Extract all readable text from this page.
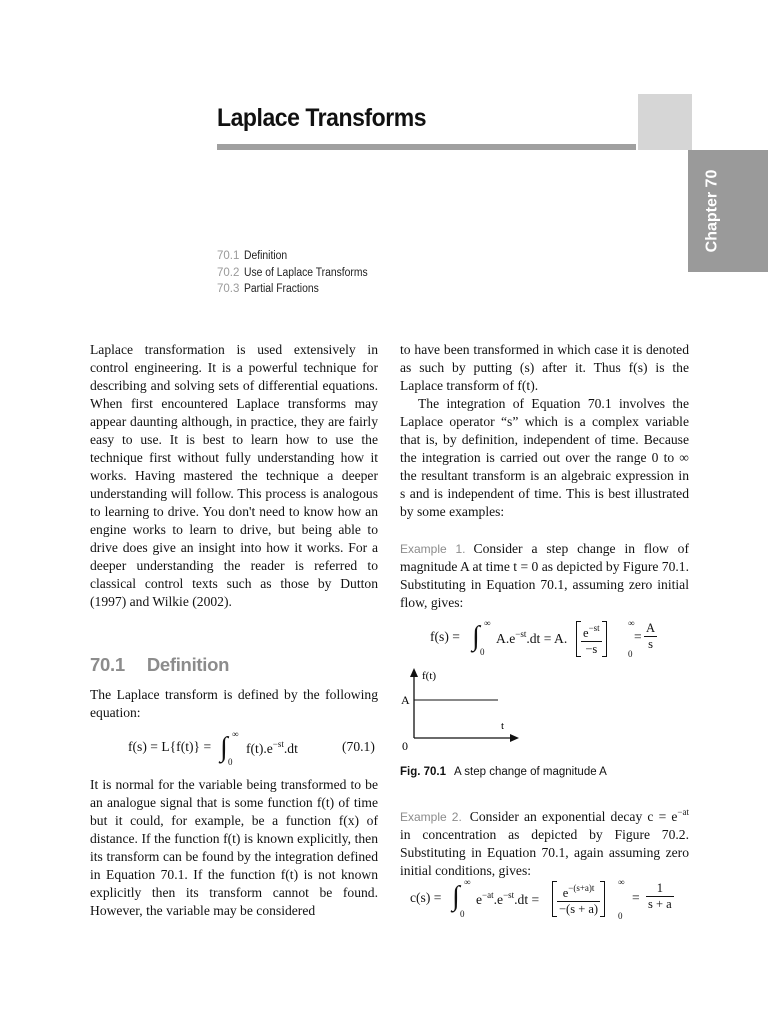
Laplace Transforms
Chapter 70
70.1 Definition
70.2 Use of Laplace Transforms
70.3 Partial Fractions

Laplace transformation is used extensively in control engineering. It is a powerful technique for describing and solving sets of differential equations. When first encountered Laplace transforms may appear daunting although, in practice, they are fairly easy to use. It is best to learn how to use the technique first without fully understanding how it works. Having mastered the technique a deeper understanding will follow. This process is analogous to learning to drive. You don't need to know how an engine works to learn to drive, but being able to drive does give an insight into how it works. For a deeper understanding the reader is referred to classical control texts such as those by Dutton (1997) and Wilkie (2002).

70.1 Definition

The Laplace transform is defined by the following equation:

f(s) = L{f(t)} = ∫ ∞
0
$f(t).e^{-st}.dt$	(70.1)

It is normal for the variable being transformed to be an analogue signal that is some function f(t) of time but it could, for example, be a function f(x) of distance. If the function f(t) is known explicitly, then its transform can be found by the integration defined in Equation 70.1. If the function f(t) is not known explicitly then its transform cannot be found. However, the variable may be considered

to have been transformed in which case it is denoted as such by putting (s) after it. Thus f(s) is the Laplace transform of f(t).

The integration of Equation 70.1 involves the Laplace operator “s” which is a complex variable that is, by definition, independent of time. Because the integration is carried out over the range 0 to ∞ the resultant transform is an algebraic expression in s and is independent of time. This is best illustrated by some examples:

Example 1. Consider a step change in flow of magnitude A at time t = 0 as depicted by Figure 70.1. Substituting in Equation 70.1, assuming zero initial flow, gives:

f(s) = ∫ ∞
0
$A.e^{-st}.dt = A$. $\frac{e^{-st}}{-s}$	∞
0
= $\frac{A}{s}$
f(t)
t
A
0
Fig. 70.1 A step change of magnitude A

Example 2. Consider an exponential decay $c = e^{-at}$ in concentration as depicted by Figure 70.2. Substituting in Equation 70.1, again assuming zero initial conditions, gives:

c(s) = ∫ ∞
0
$e^{-at}.e^{-st}.dt = \frac{e^{-(s+a)t}}{-(s + a)}$ ∞
0
= $\frac{1}{s + a}$
